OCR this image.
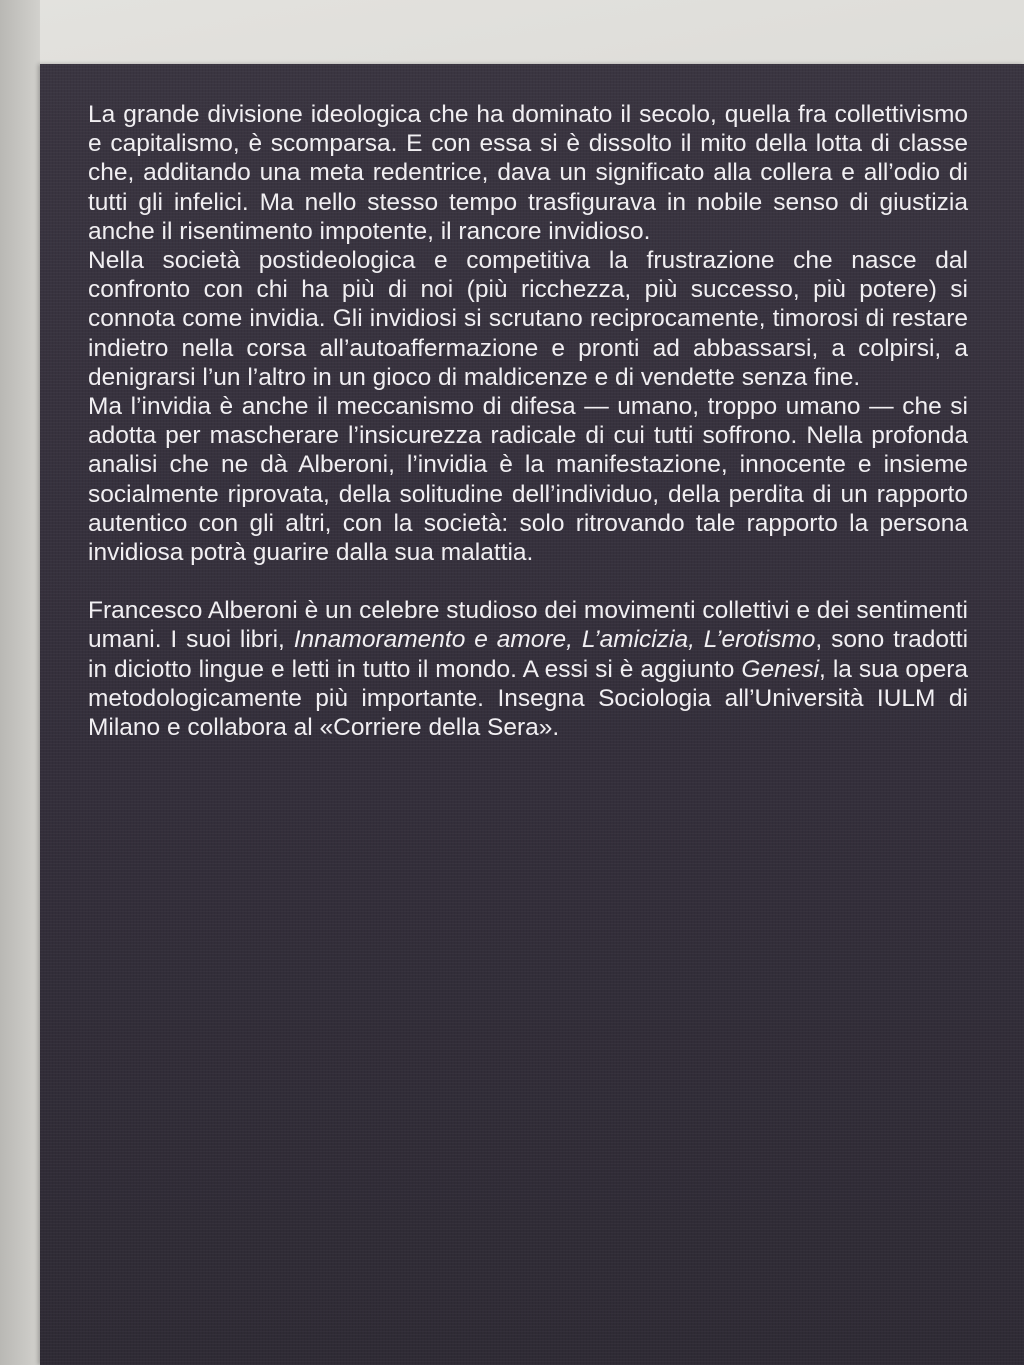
La grande divisione ideologica che ha dominato il secolo, quella fra collettivismo e capitalismo, è scomparsa. E con essa si è dissolto il mito della lotta di classe che, additando una meta redentrice, dava un significato alla collera e all’odio di tutti gli infelici. Ma nello stesso tempo trasfigurava in nobile senso di giustizia anche il risentimento impotente, il rancore invidioso.

Nella società postideologica e competitiva la frustrazione che nasce dal confronto con chi ha più di noi (più ricchezza, più successo, più potere) si connota come invidia. Gli invidiosi si scrutano reciprocamente, timorosi di restare indietro nella corsa all’autoaffermazione e pronti ad abbassarsi, a colpirsi, a denigrarsi l’un l’altro in un gioco di maldicenze e di vendette senza fine.

Ma l’invidia è anche il meccanismo di difesa — umano, troppo umano — che si adotta per mascherare l’insicurezza radicale di cui tutti soffrono. Nella profonda analisi che ne dà Alberoni, l’invidia è la manifestazione, innocente e insieme socialmente riprovata, della solitudine dell’individuo, della perdita di un rapporto autentico con gli altri, con la società: solo ritrovando tale rapporto la persona invidiosa potrà guarire dalla sua malattia.

Francesco Alberoni è un celebre studioso dei movimenti collettivi e dei sentimenti umani. I suoi libri, Innamoramento e amore, L’amicizia, L’erotismo, sono tradotti in diciotto lingue e letti in tutto il mondo. A essi si è aggiunto Genesi, la sua opera metodologicamente più importante. Insegna Sociologia all’Università IULM di Milano e collabora al «Corriere della Sera».
